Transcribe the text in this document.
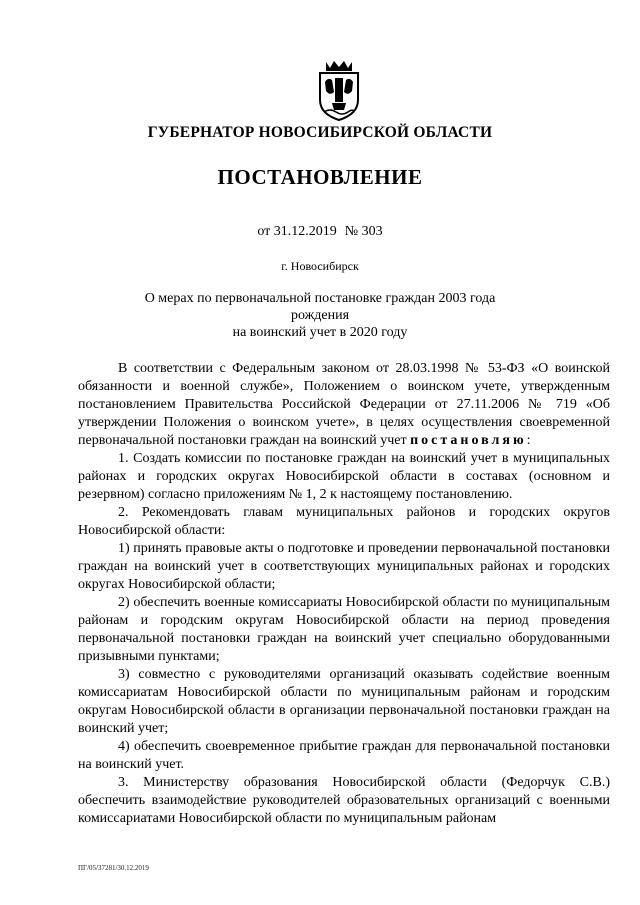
ГУБЕРНАТОР НОВОСИБИРСКОЙ ОБЛАСТИ
ПОСТАНОВЛЕНИЕ
от 31.12.2019 № 303
г. Новосибирск
О мерах по первоначальной постановке граждан 2003 года рождения
на воинский учет в 2020 году

В соответствии с Федеральным законом от 28.03.1998 № 53-ФЗ «О воинской обязанности и военной службе», Положением о воинском учете, утвержденным постановлением Правительства Российской Федерации от 27.11.2006 № 719 «Об утверждении Положения о воинском учете», в целях осуществления своевременной первоначальной постановки граждан на воинский учет постановляю:

1. Создать комиссии по постановке граждан на воинский учет в муниципальных районах и городских округах Новосибирской области в составах (основном и резервном) согласно приложениям № 1, 2 к настоящему постановлению.

2. Рекомендовать главам муниципальных районов и городских округов Новосибирской области:

1) принять правовые акты о подготовке и проведении первоначальной постановки граждан на воинский учет в соответствующих муниципальных районах и городских округах Новосибирской области;

2) обеспечить военные комиссариаты Новосибирской области по муниципальным районам и городским округам Новосибирской области на период проведения первоначальной постановки граждан на воинский учет специально оборудованными призывными пунктами;

3) совместно с руководителями организаций оказывать содействие военным комиссариатам Новосибирской области по муниципальным районам и городским округам Новосибирской области в организации первоначальной постановки граждан на воинский учет;

4) обеспечить своевременное прибытие граждан для первоначальной постановки на воинский учет.

3. Министерству образования Новосибирской области (Федорчук С.В.) обеспечить взаимодействие руководителей образовательных организаций с военными комиссариатами Новосибирской области по муниципальным районам

ПГ/05/37281/30.12.2019
